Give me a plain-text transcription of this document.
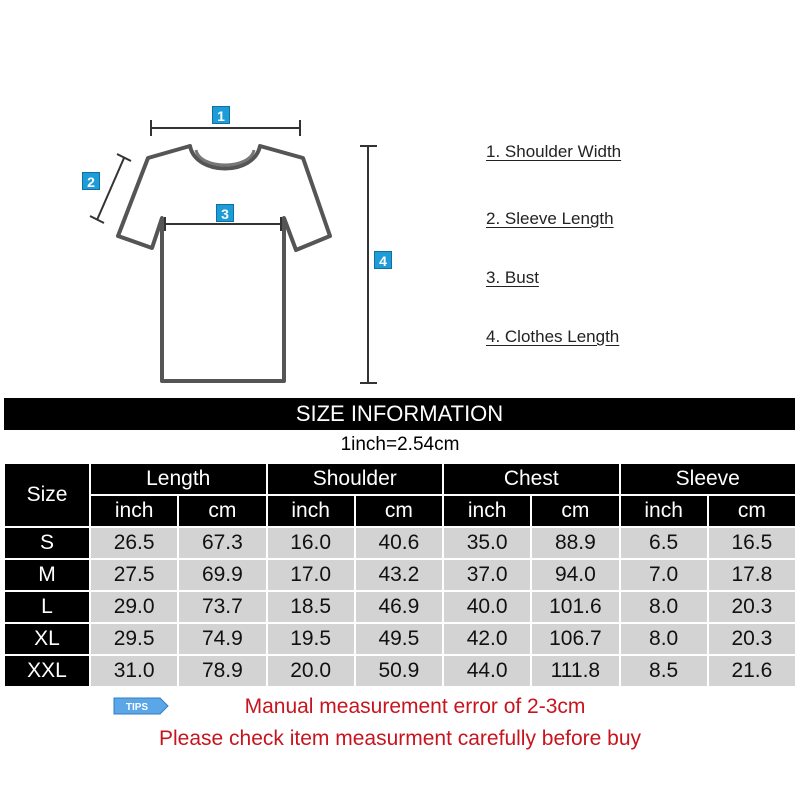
1
2
3
4
1. Shoulder Width
2. Sleeve Length
3. Bust
4. Clothes Length
SIZE INFORMATION
1inch=2.54cm
Size	Length		Shoulder		Chest		Sleeve	
	inch	cm	inch	cm	inch	cm	inch	cm
S	26.5	67.3	16.0	40.6	35.0	88.9	6.5	16.5
M	27.5	69.9	17.0	43.2	37.0	94.0	7.0	17.8
L	29.0	73.7	18.5	46.9	40.0	101.6	8.0	20.3
XL	29.5	74.9	19.5	49.5	42.0	106.7	8.0	20.3
XXL	31.0	78.9	20.0	50.9	44.0	111.8	8.5	21.6
TIPS	Manual measurement error of 2-3cm
Please check item measurment carefully before buy
